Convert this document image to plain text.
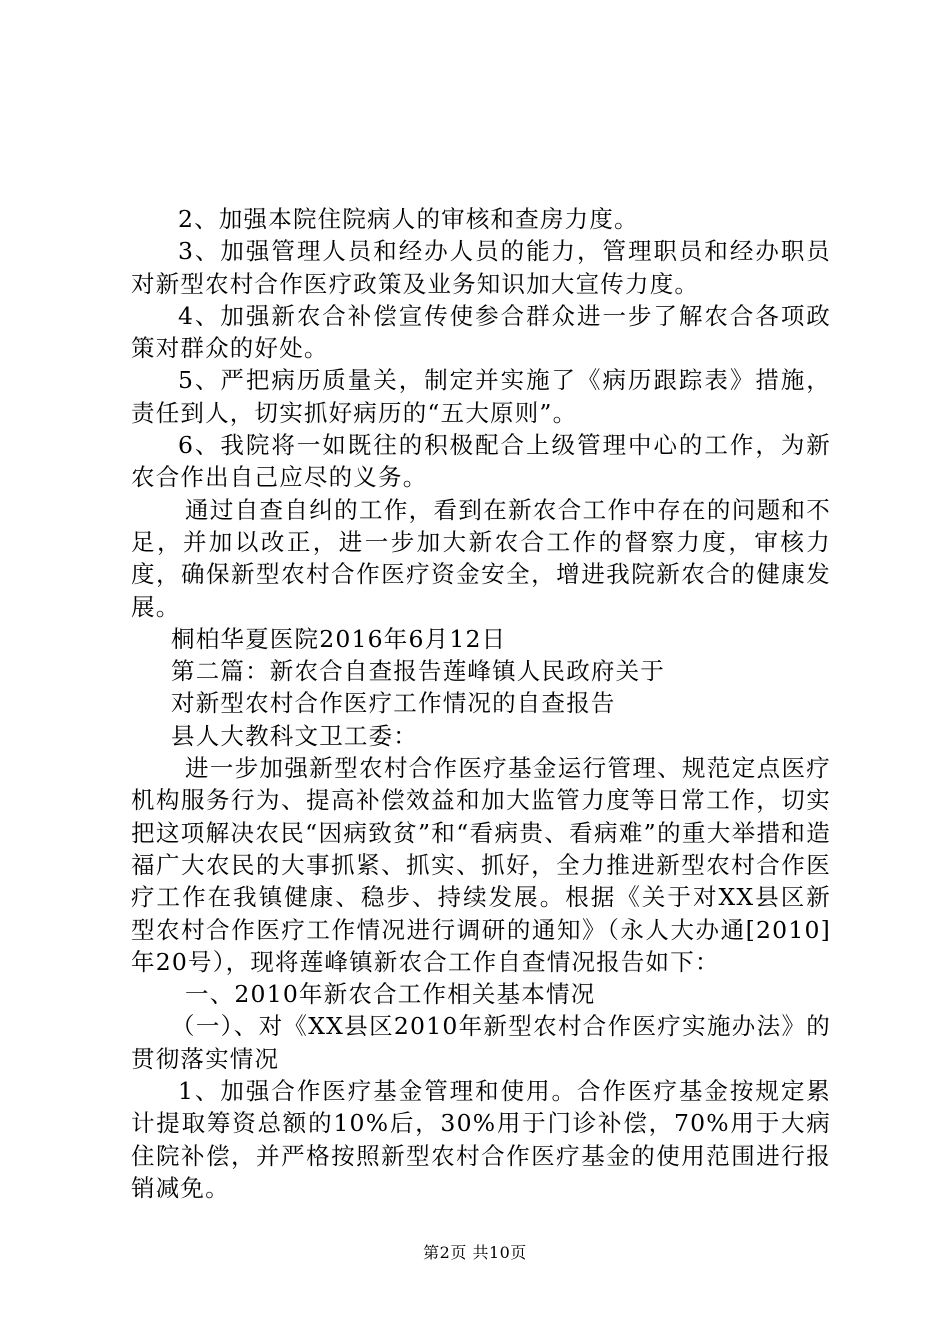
2、加强本院住院病人的审核和查房力度。

3、加强管理人员和经办人员的能力，管理职员和经办职员对新型农村合作医疗政策及业务知识加大宣传力度。

4、加强新农合补偿宣传使参合群众进一步了解农合各项政策对群众的好处。

5、严把病历质量关，制定并实施了《病历跟踪表》措施，责任到人，切实抓好病历的“五大原则”。

6、我院将一如既往的积极配合上级管理中心的工作，为新农合作出自己应尽的义务。

通过自查自纠的工作，看到在新农合工作中存在的问题和不足，并加以改正，进一步加大新农合工作的督察力度，审核力度，确保新型农村合作医疗资金安全，增进我院新农合的健康发展。

桐柏华夏医院2016年6月12日

第二篇：新农合自查报告莲峰镇人民政府关于

对新型农村合作医疗工作情况的自查报告

县人大教科文卫工委：

进一步加强新型农村合作医疗基金运行管理、规范定点医疗机构服务行为、提高补偿效益和加大监管力度等日常工作，切实把这项解决农民“因病致贫”和“看病贵、看病难”的重大举措和造福广大农民的大事抓紧、抓实、抓好，全力推进新型农村合作医疗工作在我镇健康、稳步、持续发展。根据《关于对XX县区新型农村合作医疗工作情况进行调研的通知》（永人大办通[2010]年20号），现将莲峰镇新农合工作自查情况报告如下：

一、2010年新农合工作相关基本情况

（一）、对《XX县区2010年新型农村合作医疗实施办法》的贯彻落实情况

1、加强合作医疗基金管理和使用。合作医疗基金按规定累计提取筹资总额的10%后，30%用于门诊补偿，70%用于大病住院补偿，并严格按照新型农村合作医疗基金的使用范围进行报销减免。

第2页 共10页
